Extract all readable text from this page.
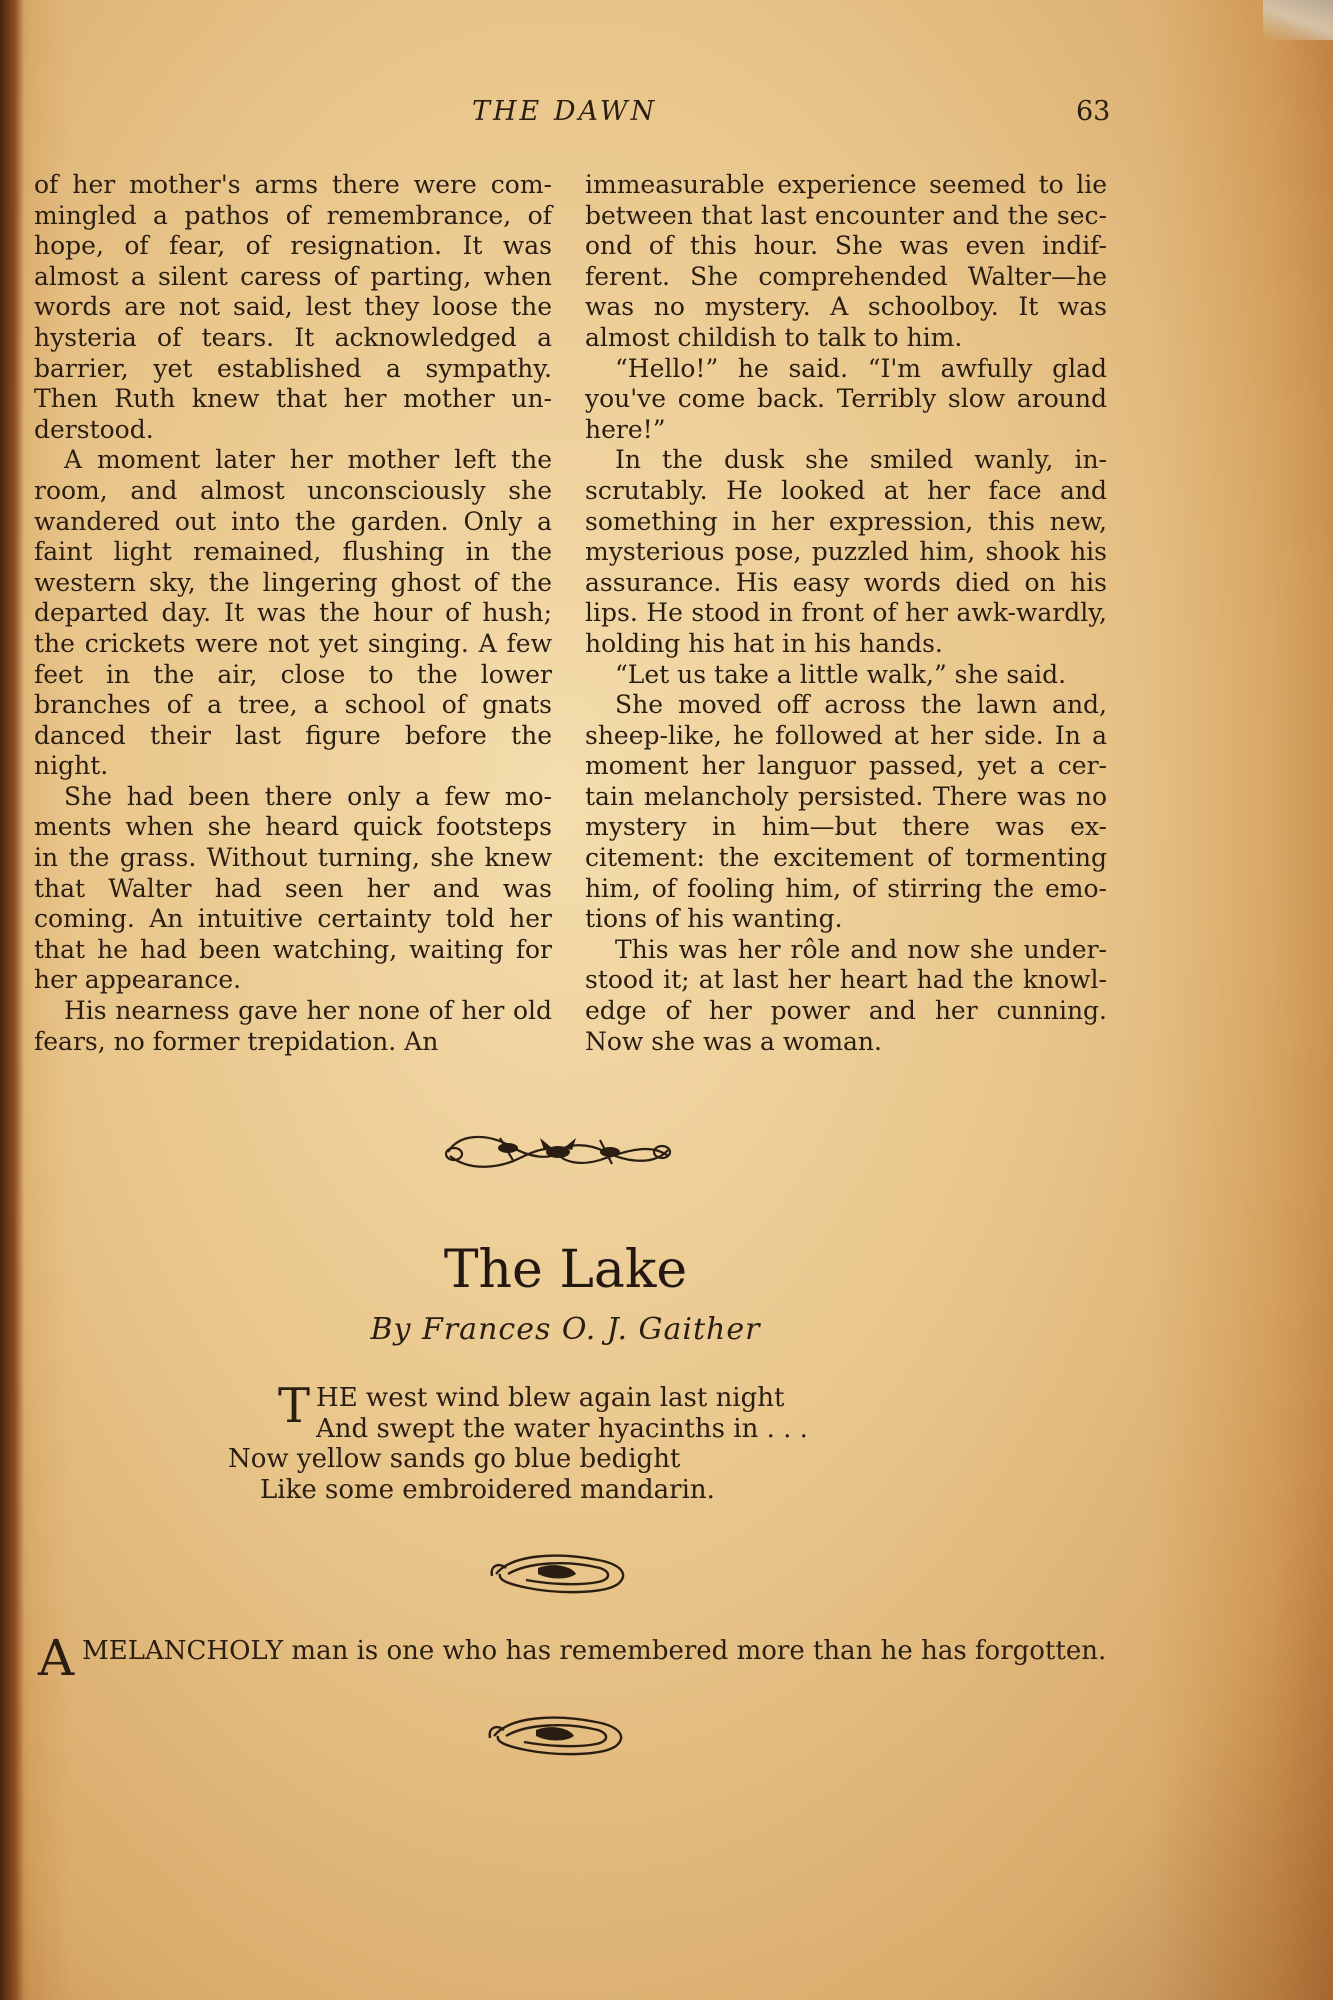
THE DAWN	63

of her mother's arms there were com-mingled a pathos of remembrance, of hope, of fear, of resignation. It was almost a silent caress of parting, when words are not said, lest they loose the hysteria of tears. It acknowledged a barrier, yet established a sympathy. Then Ruth knew that her mother un-derstood.

A moment later her mother left the room, and almost unconsciously she wandered out into the garden. Only a faint light remained, flushing in the western sky, the lingering ghost of the departed day. It was the hour of hush; the crickets were not yet singing. A few feet in the air, close to the lower branches of a tree, a school of gnats danced their last figure before the night.

She had been there only a few mo-ments when she heard quick footsteps in the grass. Without turning, she knew that Walter had seen her and was coming. An intuitive certainty told her that he had been watching, waiting for her appearance.

His nearness gave her none of her old fears, no former trepidation. An

immeasurable experience seemed to lie between that last encounter and the sec-ond of this hour. She was even indif-ferent. She comprehended Walter—he was no mystery. A schoolboy. It was almost childish to talk to him.

“Hello!” he said. “I'm awfully glad you've come back. Terribly slow around here!”

In the dusk she smiled wanly, in-scrutably. He looked at her face and something in her expression, this new, mysterious pose, puzzled him, shook his assurance. His easy words died on his lips. He stood in front of her awk-wardly, holding his hat in his hands.

“Let us take a little walk,” she said.

She moved off across the lawn and, sheep-like, he followed at her side. In a moment her languor passed, yet a cer-tain melancholy persisted. There was no mystery in him—but there was ex-citement: the excitement of tormenting him, of fooling him, of stirring the emo-tions of his wanting.

This was her rôle and now she under-stood it; at last her heart had the knowl-edge of her power and her cunning. Now she was a woman.

The Lake
By Frances O. J. Gaither
T HE west wind blew again last night
And swept the water hyacinths in . . .
Now yellow sands go blue bedight
Like some embroidered mandarin.
A MELANCHOLY man is one who has remembered more than he has forgotten.
